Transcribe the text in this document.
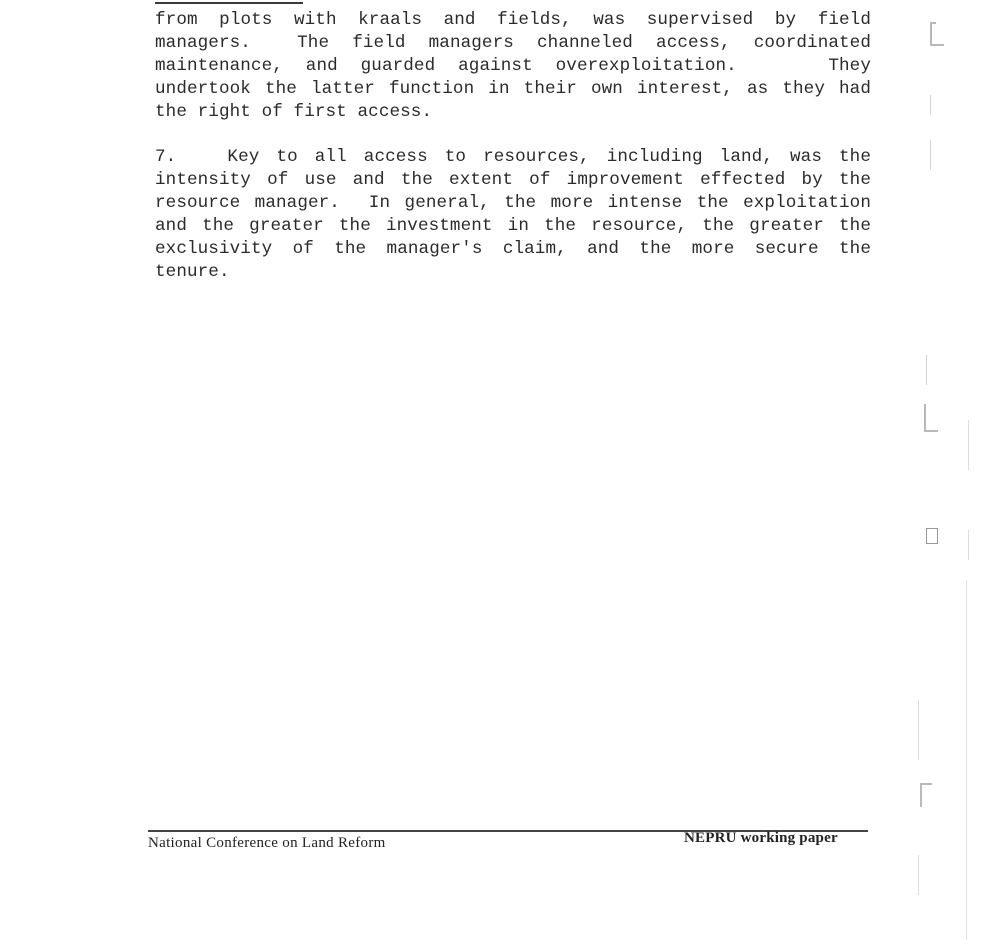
from plots with kraals and fields, was supervised by field
managers.  The field managers channeled access, coordinated
maintenance, and guarded against overexploitation.    They
undertook the latter function in their own interest, as they had
the right of first access.
7.   Key to all access to resources, including land, was the
intensity of use and the extent of improvement effected by the
resource manager.  In general, the more intense the exploitation
and the greater the investment in the resource, the greater the
exclusivity of the manager's claim, and the more secure the
tenure.
National Conference on Land Reform	NEPRU working paper
